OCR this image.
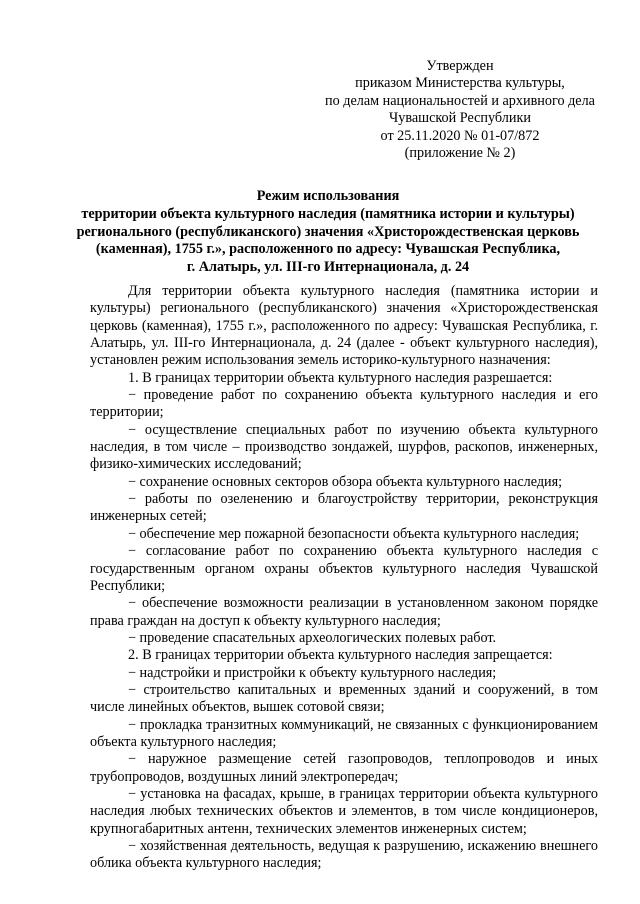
Утвержден
приказом Министерства культуры,
по делам национальностей и архивного дела
Чувашской Республики
от 25.11.2020 № 01-07/872
(приложение № 2)
Режим использования
территории объекта культурного наследия (памятника истории и культуры)
регионального (республиканского) значения «Христорождественская церковь
(каменная), 1755 г.», расположенного по адресу: Чувашская Республика,
г. Алатырь, ул. III-го Интернационала, д. 24

Для территории объекта культурного наследия (памятника истории и культуры) регионального (республиканского) значения «Христорождественская церковь (каменная), 1755 г.», расположенного по адресу: Чувашская Республика, г. Алатырь, ул. III-го Интернационала, д. 24 (далее - объект культурного наследия), установлен режим использования земель историко-культурного назначения:

1. В границах территории объекта культурного наследия разрешается:

− проведение работ по сохранению объекта культурного наследия и его территории;

− осуществление специальных работ по изучению объекта культурного наследия, в том числе – производство зондажей, шурфов, раскопов, инженерных, физико-химических исследований;

− сохранение основных секторов обзора объекта культурного наследия;

− работы по озеленению и благоустройству территории, реконструкция инженерных сетей;

− обеспечение мер пожарной безопасности объекта культурного наследия;

− согласование работ по сохранению объекта культурного наследия с государственным органом охраны объектов культурного наследия Чувашской Республики;

− обеспечение возможности реализации в установленном законом порядке права граждан на доступ к объекту культурного наследия;

− проведение спасательных археологических полевых работ.

2. В границах территории объекта культурного наследия запрещается:

− надстройки и пристройки к объекту культурного наследия;

− строительство капитальных и временных зданий и сооружений, в том числе линейных объектов, вышек сотовой связи;

− прокладка транзитных коммуникаций, не связанных с функционированием объекта культурного наследия;

− наружное размещение сетей газопроводов, теплопроводов и иных трубопроводов, воздушных линий электропередач;

− установка на фасадах, крыше, в границах территории объекта культурного наследия любых технических объектов и элементов, в том числе кондиционеров, крупногабаритных антенн, технических элементов инженерных систем;

− хозяйственная деятельность, ведущая к разрушению, искажению внешнего облика объекта культурного наследия;
